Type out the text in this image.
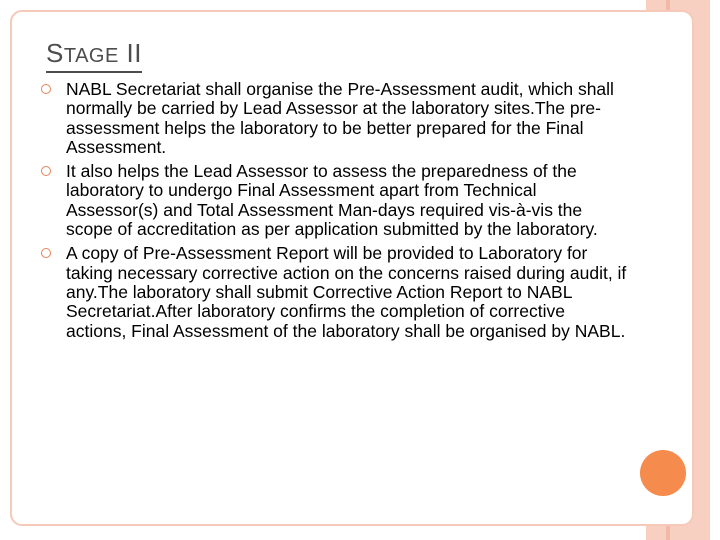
STAGE II
NABL Secretariat shall organise the Pre-Assessment audit, which shall normally be carried by Lead Assessor at the laboratory sites.The pre-assessment helps the laboratory to be better prepared for the Final Assessment.
It also helps the Lead Assessor to assess the preparedness of the laboratory to undergo Final Assessment apart from Technical Assessor(s) and Total Assessment Man-days required vis-à-vis the scope of accreditation as per application submitted by the laboratory.
A copy of Pre-Assessment Report will be provided to Laboratory for taking necessary corrective action on the concerns raised during audit, if any.The laboratory shall submit Corrective Action Report to NABL Secretariat.After laboratory confirms the completion of corrective actions, Final Assessment of the laboratory shall be organised by NABL.
